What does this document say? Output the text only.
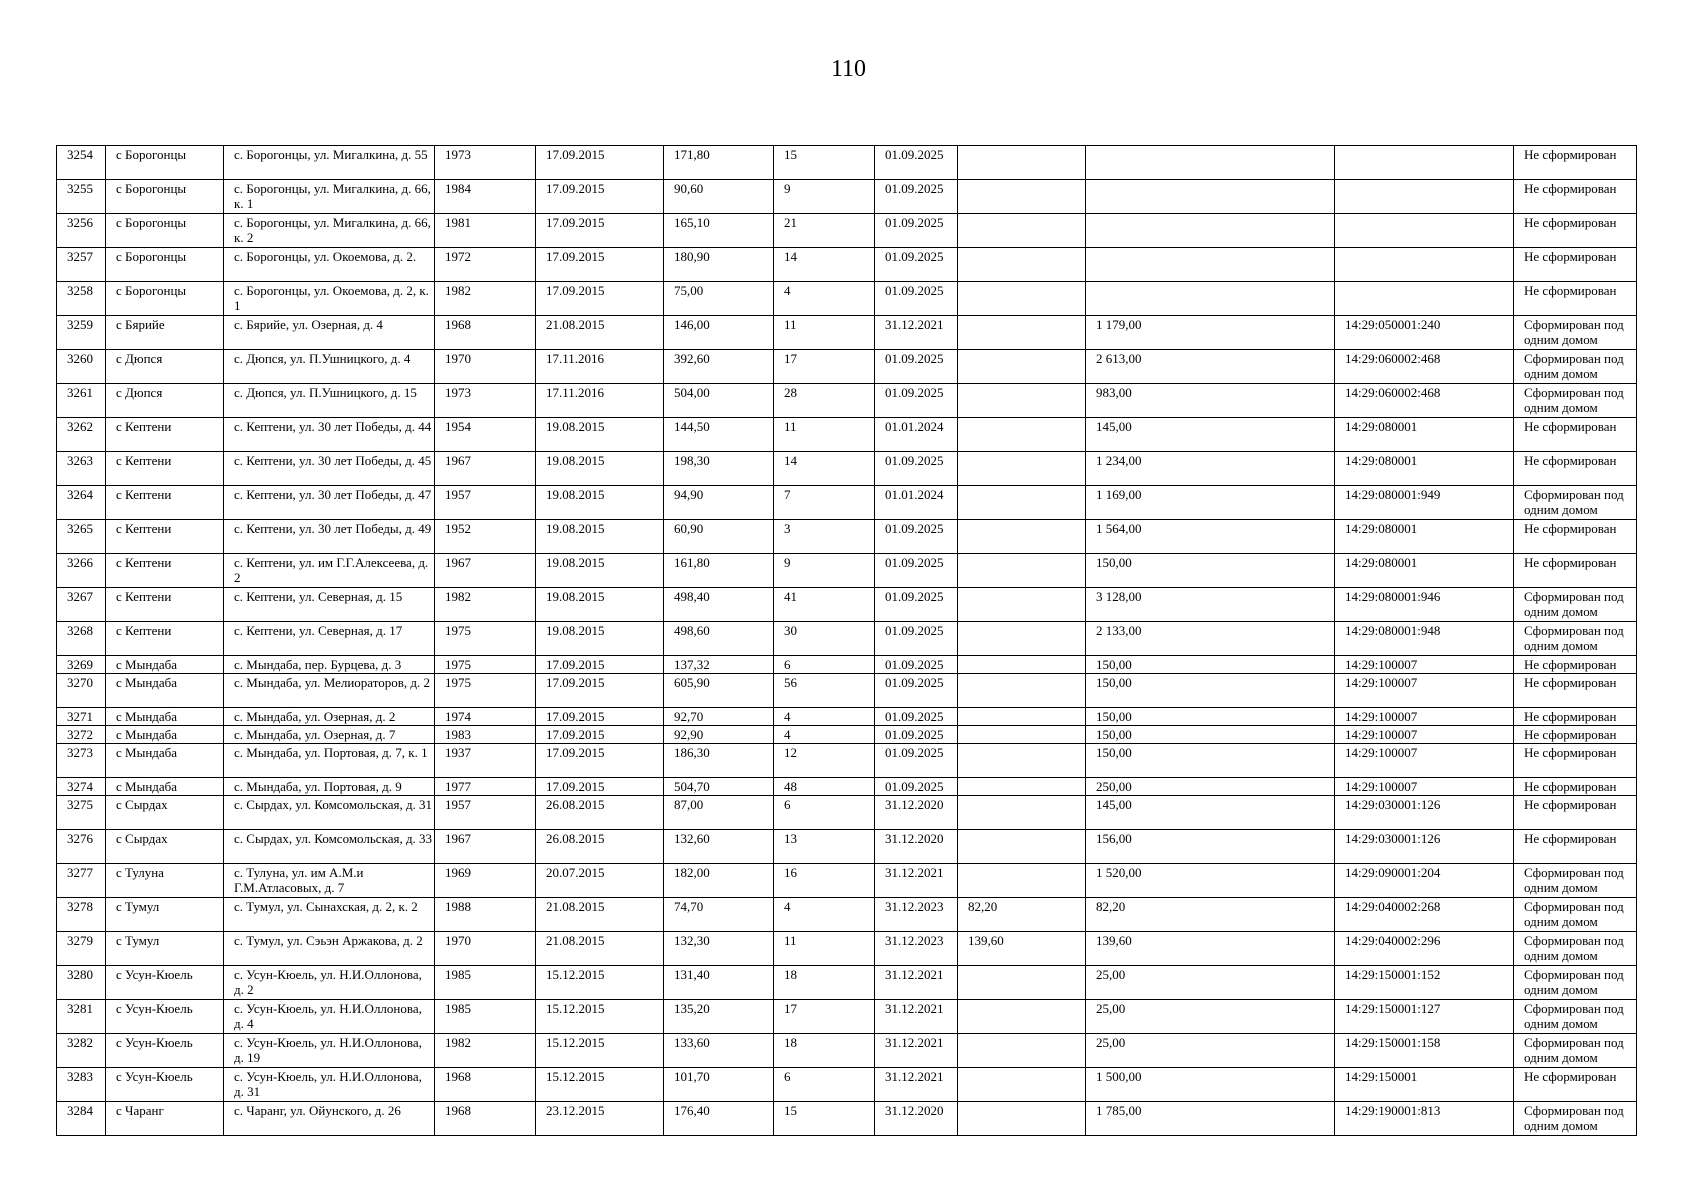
110
3254	с Борогонцы	с. Борогонцы, ул. Мигалкина, д. 55	1973	17.09.2015	171,80	15	01.09.2025				Не сформирован
3255	с Борогонцы	с. Борогонцы, ул. Мигалкина, д. 66, к. 1	1984	17.09.2015	90,60	9	01.09.2025				Не сформирован
3256	с Борогонцы	с. Борогонцы, ул. Мигалкина, д. 66, к. 2	1981	17.09.2015	165,10	21	01.09.2025				Не сформирован
3257	с Борогонцы	с. Борогонцы, ул. Окоемова, д. 2.	1972	17.09.2015	180,90	14	01.09.2025				Не сформирован
3258	с Борогонцы	с. Борогонцы, ул. Окоемова, д. 2, к. 1	1982	17.09.2015	75,00	4	01.09.2025				Не сформирован
3259	с Бярийе	с. Бярийе, ул. Озерная, д. 4	1968	21.08.2015	146,00	11	31.12.2021		1 179,00	14:29:050001:240	Сформирован под одним домом
3260	с Дюпся	с. Дюпся, ул. П.Ушницкого, д. 4	1970	17.11.2016	392,60	17	01.09.2025		2 613,00	14:29:060002:468	Сформирован под одним домом
3261	с Дюпся	с. Дюпся, ул. П.Ушницкого, д. 15	1973	17.11.2016	504,00	28	01.09.2025		983,00	14:29:060002:468	Сформирован под одним домом
3262	с Кептени	с. Кептени, ул. 30 лет Победы, д. 44	1954	19.08.2015	144,50	11	01.01.2024		145,00	14:29:080001	Не сформирован
3263	с Кептени	с. Кептени, ул. 30 лет Победы, д. 45	1967	19.08.2015	198,30	14	01.09.2025		1 234,00	14:29:080001	Не сформирован
3264	с Кептени	с. Кептени, ул. 30 лет Победы, д. 47	1957	19.08.2015	94,90	7	01.01.2024		1 169,00	14:29:080001:949	Сформирован под одним домом
3265	с Кептени	с. Кептени, ул. 30 лет Победы, д. 49	1952	19.08.2015	60,90	3	01.09.2025		1 564,00	14:29:080001	Не сформирован
3266	с Кептени	с. Кептени, ул. им Г.Г.Алексеева, д. 2	1967	19.08.2015	161,80	9	01.09.2025		150,00	14:29:080001	Не сформирован
3267	с Кептени	с. Кептени, ул. Северная, д. 15	1982	19.08.2015	498,40	41	01.09.2025		3 128,00	14:29:080001:946	Сформирован под одним домом
3268	с Кептени	с. Кептени, ул. Северная, д. 17	1975	19.08.2015	498,60	30	01.09.2025		2 133,00	14:29:080001:948	Сформирован под одним домом
3269	с Мындаба	с. Мындаба, пер. Бурцева, д. 3	1975	17.09.2015	137,32	6	01.09.2025		150,00	14:29:100007	Не сформирован
3270	с Мындаба	с. Мындаба, ул. Мелиораторов, д. 2	1975	17.09.2015	605,90	56	01.09.2025		150,00	14:29:100007	Не сформирован
3271	с Мындаба	с. Мындаба, ул. Озерная, д. 2	1974	17.09.2015	92,70	4	01.09.2025		150,00	14:29:100007	Не сформирован
3272	с Мындаба	с. Мындаба, ул. Озерная, д. 7	1983	17.09.2015	92,90	4	01.09.2025		150,00	14:29:100007	Не сформирован
3273	с Мындаба	с. Мындаба, ул. Портовая, д. 7, к. 1	1937	17.09.2015	186,30	12	01.09.2025		150,00	14:29:100007	Не сформирован
3274	с Мындаба	с. Мындаба, ул. Портовая, д. 9	1977	17.09.2015	504,70	48	01.09.2025		250,00	14:29:100007	Не сформирован
3275	с Сырдах	с. Сырдах, ул. Комсомольская, д. 31	1957	26.08.2015	87,00	6	31.12.2020		145,00	14:29:030001:126	Не сформирован
3276	с Сырдах	с. Сырдах, ул. Комсомольская, д. 33	1967	26.08.2015	132,60	13	31.12.2020		156,00	14:29:030001:126	Не сформирован
3277	с Тулуна	с. Тулуна, ул. им А.М.и Г.М.Атласовых, д. 7	1969	20.07.2015	182,00	16	31.12.2021		1 520,00	14:29:090001:204	Сформирован под одним домом
3278	с Тумул	с. Тумул, ул. Сынахская, д. 2, к. 2	1988	21.08.2015	74,70	4	31.12.2023	82,20	82,20	14:29:040002:268	Сформирован под одним домом
3279	с Тумул	с. Тумул, ул. Сэьэн Аржакова, д. 2	1970	21.08.2015	132,30	11	31.12.2023	139,60	139,60	14:29:040002:296	Сформирован под одним домом
3280	с Усун-Кюель	с. Усун-Кюель, ул. Н.И.Оллонова, д. 2	1985	15.12.2015	131,40	18	31.12.2021		25,00	14:29:150001:152	Сформирован под одним домом
3281	с Усун-Кюель	с. Усун-Кюель, ул. Н.И.Оллонова, д. 4	1985	15.12.2015	135,20	17	31.12.2021		25,00	14:29:150001:127	Сформирован под одним домом
3282	с Усун-Кюель	с. Усун-Кюель, ул. Н.И.Оллонова, д. 19	1982	15.12.2015	133,60	18	31.12.2021		25,00	14:29:150001:158	Сформирован под одним домом
3283	с Усун-Кюель	с. Усун-Кюель, ул. Н.И.Оллонова, д. 31	1968	15.12.2015	101,70	6	31.12.2021		1 500,00	14:29:150001	Не сформирован
3284	с Чаранг	с. Чаранг, ул. Ойунского, д. 26	1968	23.12.2015	176,40	15	31.12.2020		1 785,00	14:29:190001:813	Сформирован под одним домом
